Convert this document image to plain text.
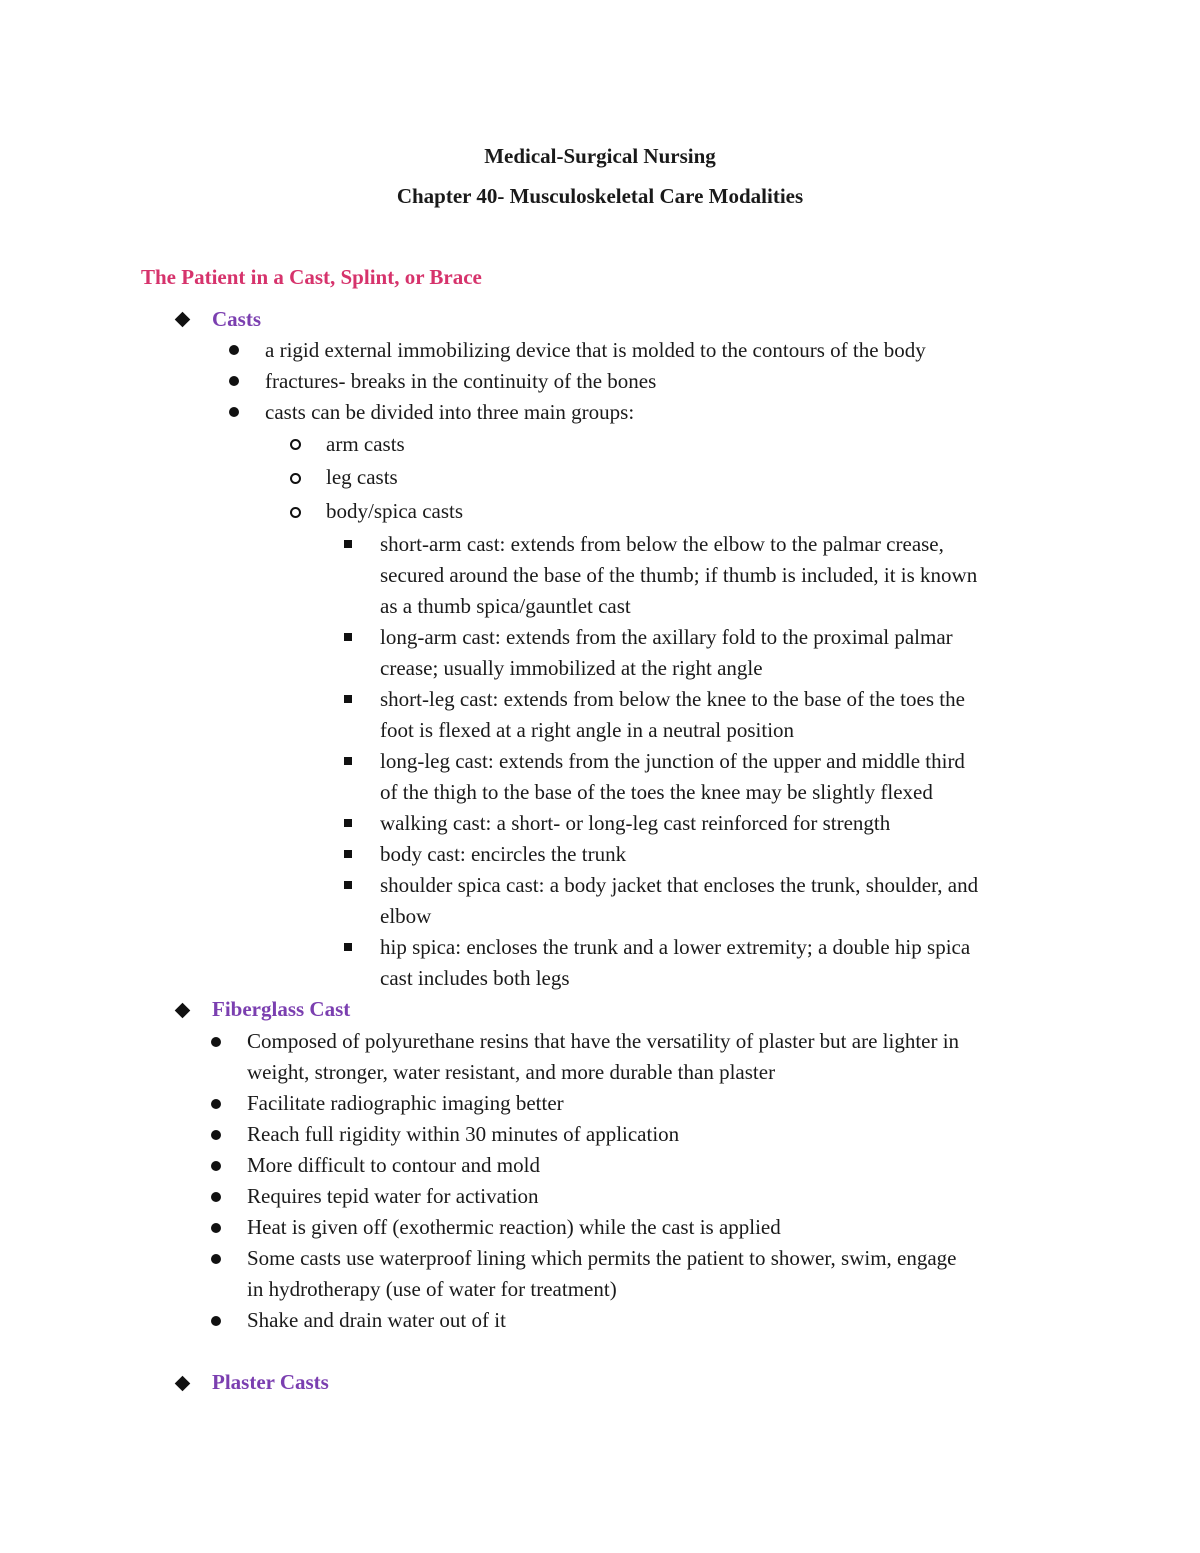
Medical-Surgical Nursing
Chapter 40- Musculoskeletal Care Modalities
The Patient in a Cast, Splint, or Brace
Casts
a rigid external immobilizing device that is molded to the contours of the body
fractures- breaks in the continuity of the bones
casts can be divided into three main groups:
arm casts
leg casts
body/spica casts
short-arm cast: extends from below the elbow to the palmar crease,
secured around the base of the thumb; if thumb is included, it is known
as a thumb spica/gauntlet cast
long-arm cast: extends from the axillary fold to the proximal palmar
crease; usually immobilized at the right angle
short-leg cast: extends from below the knee to the base of the toes the
foot is flexed at a right angle in a neutral position
long-leg cast: extends from the junction of the upper and middle third
of the thigh to the base of the toes the knee may be slightly flexed
walking cast: a short- or long-leg cast reinforced for strength
body cast: encircles the trunk
shoulder spica cast: a body jacket that encloses the trunk, shoulder, and
elbow
hip spica: encloses the trunk and a lower extremity; a double hip spica
cast includes both legs
Fiberglass Cast
Composed of polyurethane resins that have the versatility of plaster but are lighter in
weight, stronger, water resistant, and more durable than plaster
Facilitate radiographic imaging better
Reach full rigidity within 30 minutes of application
More difficult to contour and mold
Requires tepid water for activation
Heat is given off (exothermic reaction) while the cast is applied
Some casts use waterproof lining which permits the patient to shower, swim, engage
in hydrotherapy (use of water for treatment)
Shake and drain water out of it
Plaster Casts
